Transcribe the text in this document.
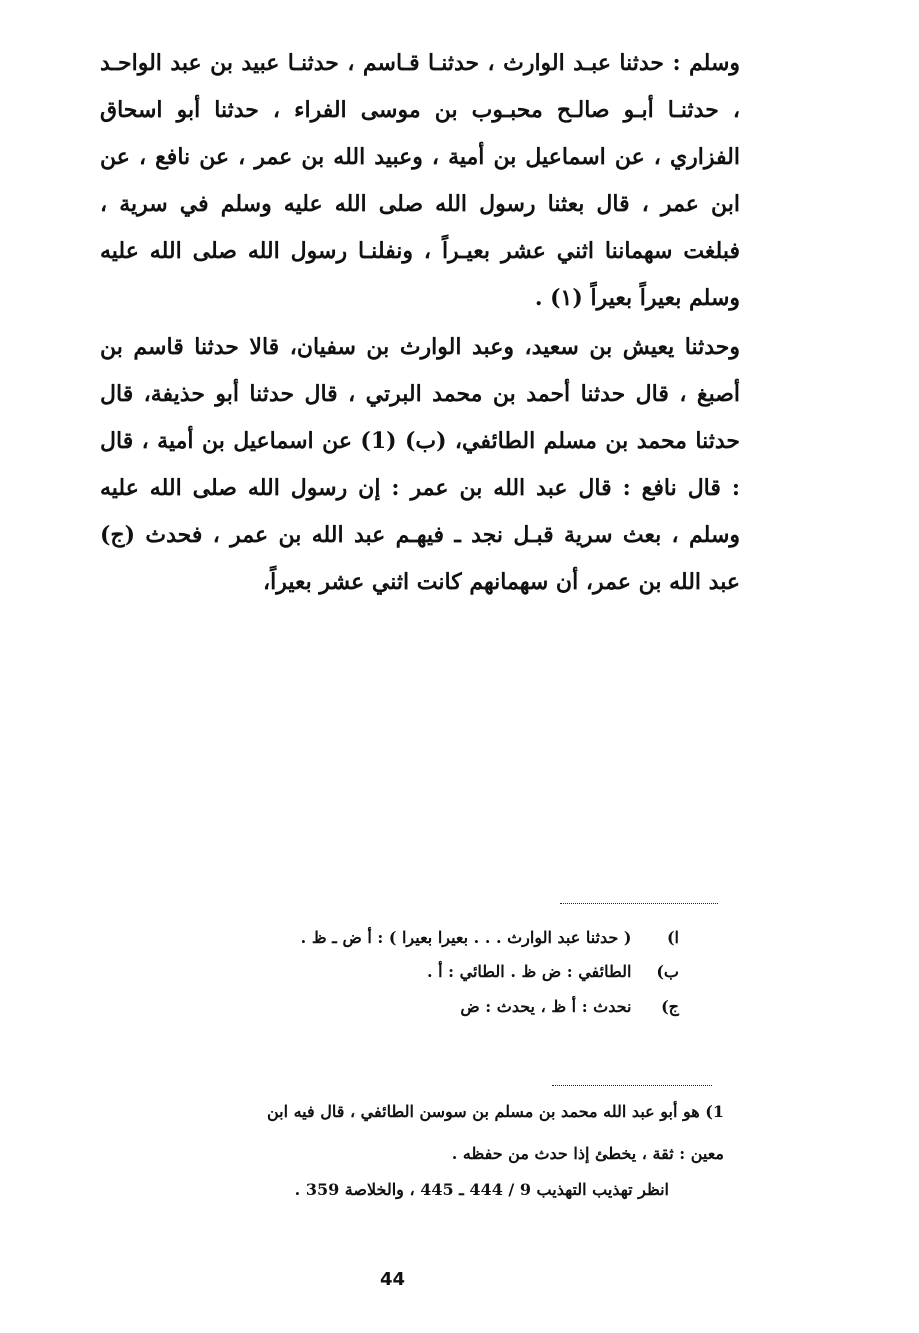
وسلم : حدثنا عبـد الوارث ، حدثنـا قـاسم ، حدثنـا عبيد بن عبد الواحـد ، حدثنـا أبـو صالـح محبـوب بن موسى الفراء ، حدثنا أبو اسحاق الفزاري ، عن اسماعيل بن أمية ، وعبيد الله بن عمر ، عن نافع ، عن ابن عمر ، قال بعثنا رسول الله صلى الله عليه وسلم في سرية ، فبلغت سهماننا اثني عشر بعيـراً ، ونفلنـا رسول الله صلى الله عليه وسلم بعيراً بعيراً (١) .

وحدثنا يعيش بن سعيد، وعبد الوارث بن سفيان، قالا حدثنا قاسم بن أصبغ ، قال حدثنا أحمد بن محمد البرتي ، قال حدثنا أبو حذيفة، قال حدثنا محمد بن مسلم الطائفي، (ب) (1) عن اسماعيل بن أمية ، قال : قال نافع : قال عبد الله بن عمر : إن رسول الله صلى الله عليه وسلم ، بعث سرية قبـل نجد ـ فيهـم عبد الله بن عمر ، فحدث (ج) عبد الله بن عمر، أن سهمانهم كانت اثني عشر بعيراً،

ا) ( حدثنا عبد الوارث . . . بعيرا بعيرا ) : أ ض ـ ظ .
ب) الطائفي : ض ظ . الطائي : أ .
ج) نحدث : أ ظ ، يحدث : ض
1) هو أبو عبد الله محمد بن مسلم بن سوسن الطائفي ، قال فيه ابن
معين : ثقة ، يخطئ إذا حدث من حفظه .
انظر تهذيب التهذيب 9 / 444 ـ 445 ، والخلاصة 359 .
44
